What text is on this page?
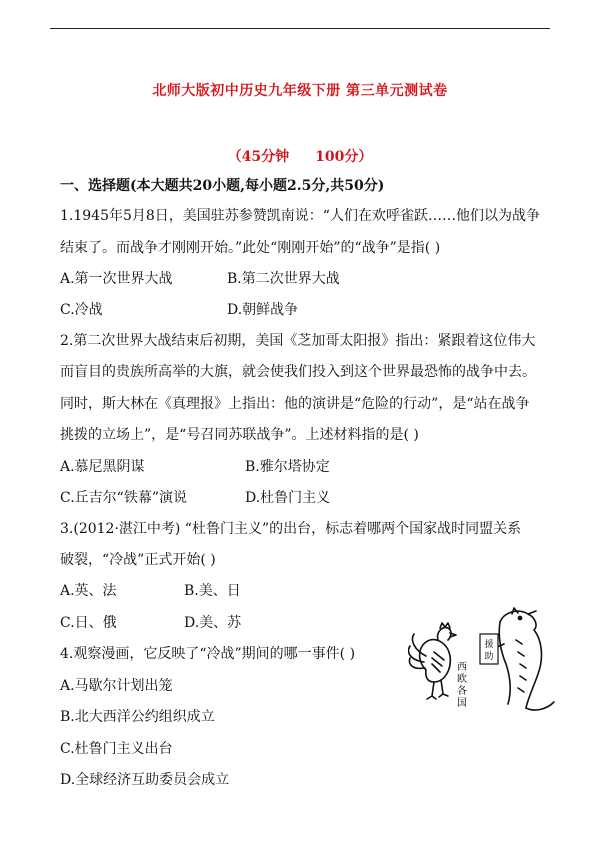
北师大版初中历史九年级下册 第三单元测试卷
（45分钟 100分）
一、选择题(本大题共20小题,每小题2.5分,共50分)
1.1945年5月8日，美国驻苏参赞凯南说：“人们在欢呼雀跃……他们以为战争
结束了。而战争才刚刚开始。”此处“刚刚开始”的“战争”是指( )
A.第一次世界大战	B.第二次世界大战
C.冷战	D.朝鲜战争
2.第二次世界大战结束后初期，美国《芝加哥太阳报》指出：紧跟着这位伟大
而盲目的贵族所高举的大旗，就会使我们投入到这个世界最恐怖的战争中去。
同时，斯大林在《真理报》上指出：他的演讲是“危险的行动”，是“站在战争
挑拨的立场上”，是“号召同苏联战争”。上述材料指的是( )
A.慕尼黑阴谋	B.雅尔塔协定
C.丘吉尔“铁幕”演说	D.杜鲁门主义
3.(2012·湛江中考) “杜鲁门主义”的出台，标志着哪两个国家战时同盟关系
破裂，“冷战”正式开始( )
A.英、法	B.美、日
C.日、俄	D.美、苏
4.观察漫画，它反映了“冷战”期间的哪一事件( )
A.马歇尔计划出笼
B.北大西洋公约组织成立
C.杜鲁门主义出台
D.全球经济互助委员会成立
援
助
西
欧
各
国
